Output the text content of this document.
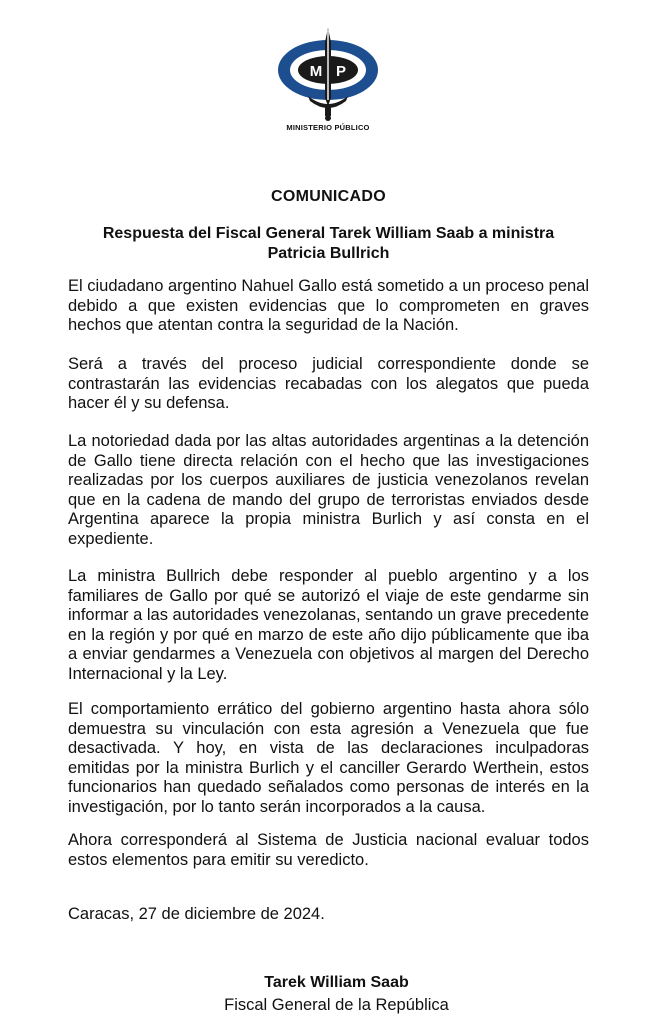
M P
MINISTERIO PÚBLICO
COMUNICADO
Respuesta del Fiscal General Tarek William Saab a ministra Patricia Bullrich

El ciudadano argentino Nahuel Gallo está sometido a un proceso penal debido a que existen evidencias que lo comprometen en graves hechos que atentan contra la seguridad de la Nación.

Será a través del proceso judicial correspondiente donde se contrastarán las evidencias recabadas con los alegatos que pueda hacer él y su defensa.

La notoriedad dada por las altas autoridades argentinas a la detención de Gallo tiene directa relación con el hecho que las investigaciones realizadas por los cuerpos auxiliares de justicia venezolanos revelan que en la cadena de mando del grupo de terroristas enviados desde Argentina aparece la propia ministra Burlich y así consta en el expediente.

La ministra Bullrich debe responder al pueblo argentino y a los familiares de Gallo por qué se autorizó el viaje de este gendarme sin informar a las autoridades venezolanas, sentando un grave precedente en la región y por qué en marzo de este año dijo públicamente que iba a enviar gendarmes a Venezuela con objetivos al margen del Derecho Internacional y la Ley.

El comportamiento errático del gobierno argentino hasta ahora sólo demuestra su vinculación con esta agresión a Venezuela que fue desactivada. Y hoy, en vista de las declaraciones inculpadoras emitidas por la ministra Burlich y el canciller Gerardo Werthein, estos funcionarios han quedado señalados como personas de interés en la investigación, por lo tanto serán incorporados a la causa.

Ahora corresponderá al Sistema de Justicia nacional evaluar todos estos elementos para emitir su veredicto.

Caracas, 27 de diciembre de 2024.
Tarek William Saab
Fiscal General de la República
